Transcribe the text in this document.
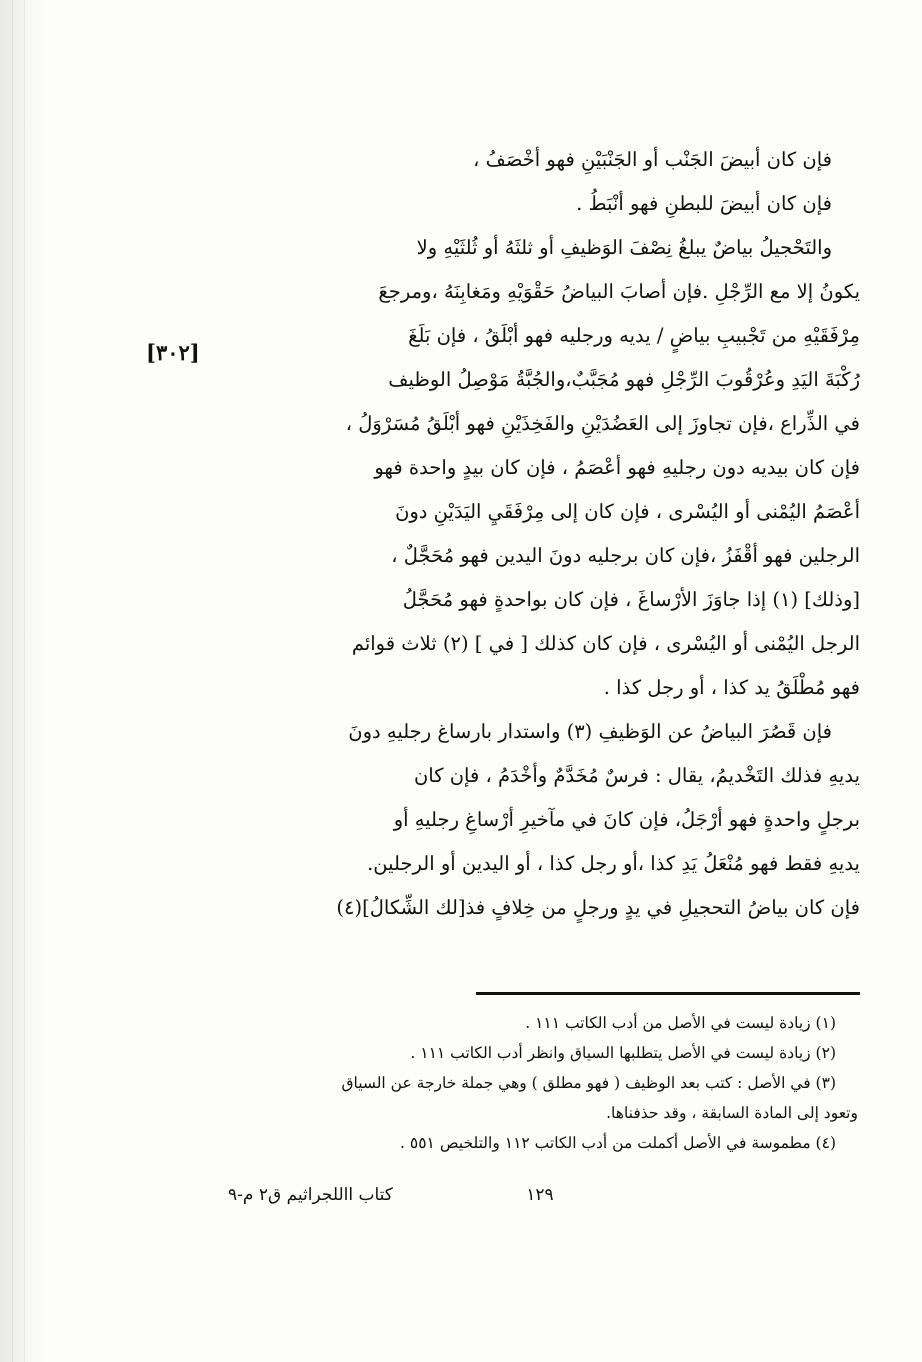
[٣٠٢]
فإن كان أبيضَ الجَنْب أو الجَنْبَيْنِ فهو أخْصَفُ ،
فإن كان أبيضَ للبطنِ فهو أنْبَطُ .
والتَحْجيلُ بياضٌ يبلغُ نِصْفَ الوَظيفِ أو ثلثَهُ أو ثُلثَيْهِ ولا
يكونُ إلا مع الرِّجْلِ .فإن أصابَ البياضُ حَقْوَيْهِ ومَغابِنَهُ ،ومرجعَ
مِرْفَقَيْهِ من تَجْبيبِ بياضٍ / يديه ورجليه فهو أبْلَقُ ، فإن بَلَغَ
رُكْبَةَ اليَدِ وعُرْقُوبَ الرِّجْلِ فهو مُجَبَّبٌ،والجُبَّةُ مَوْصِلُ الوظيف
في الذِّراع ،فإن تجاوزَ إلى العَضُدَيْنِ والفَخِذَيْنِ فهو أبْلَقُ مُسَرْوَلُ ،
فإن كان بيديه دون رجليهِ فهو أعْصَمُ ، فإن كان بيدٍ واحدة فهو
أعْصَمُ اليُمْنى أو اليُسْرى ، فإن كان إلى مِرْفَقَيِ اليَدَيْنِ دونَ
الرجلين فهو أقْفَزُ ،فإن كان برجليه دونَ اليدين فهو مُحَجَّلٌ ،
[وذلك] (١) إذا جاوَزَ الأرْساغَ ، فإن كان بواحدةٍ فهو مُحَجَّلُ
الرجل اليُمْنى أو اليُسْرى ، فإن كان كذلك [ في ] (٢) ثلاث قوائم
فهو مُطْلَقُ يد كذا ، أو رجل كذا .
فإن قَصُرَ البياضُ عن الوَظيفِ (٣) واستدار بارساغ رجليهِ دونَ
يديهِ فذلك التَخْديمُ، يقال : فرسٌ مُخَدَّمٌ وأخْدَمُ ، فإن كان
برجلٍ واحدةٍ فهو أرْجَلُ، فإن كانَ في مآخيرِ أرْساغِ رجليهِ أو
يديهِ فقط فهو مُنْعَلُ يَدِ كذا ،أو رجل كذا ، أو اليدين أو الرجلين.
فإن كان بياضُ التحجيلِ في يدٍ ورجلٍ من خِلافٍ فذ[لك الشِّكالُ](٤)
(١) زيادة ليست في الأصل من أدب الكاتب ١١١ .
(٢) زيادة ليست في الأصل يتطلبها السياق وانظر أدب الكاتب ١١١ .
(٣) في الأصل : كتب بعد الوظيف ( فهو مطلق ) وهي جملة خارجة عن السياق
وتعود إلى المادة السابقة ، وقد حذفناها.
(٤) مطموسة في الأصل أكملت من أدب الكاتب ١١٢ والتلخيص ٥٥١ .
١٢٩
كتاب االلجراثيم ق٢ م-٩
